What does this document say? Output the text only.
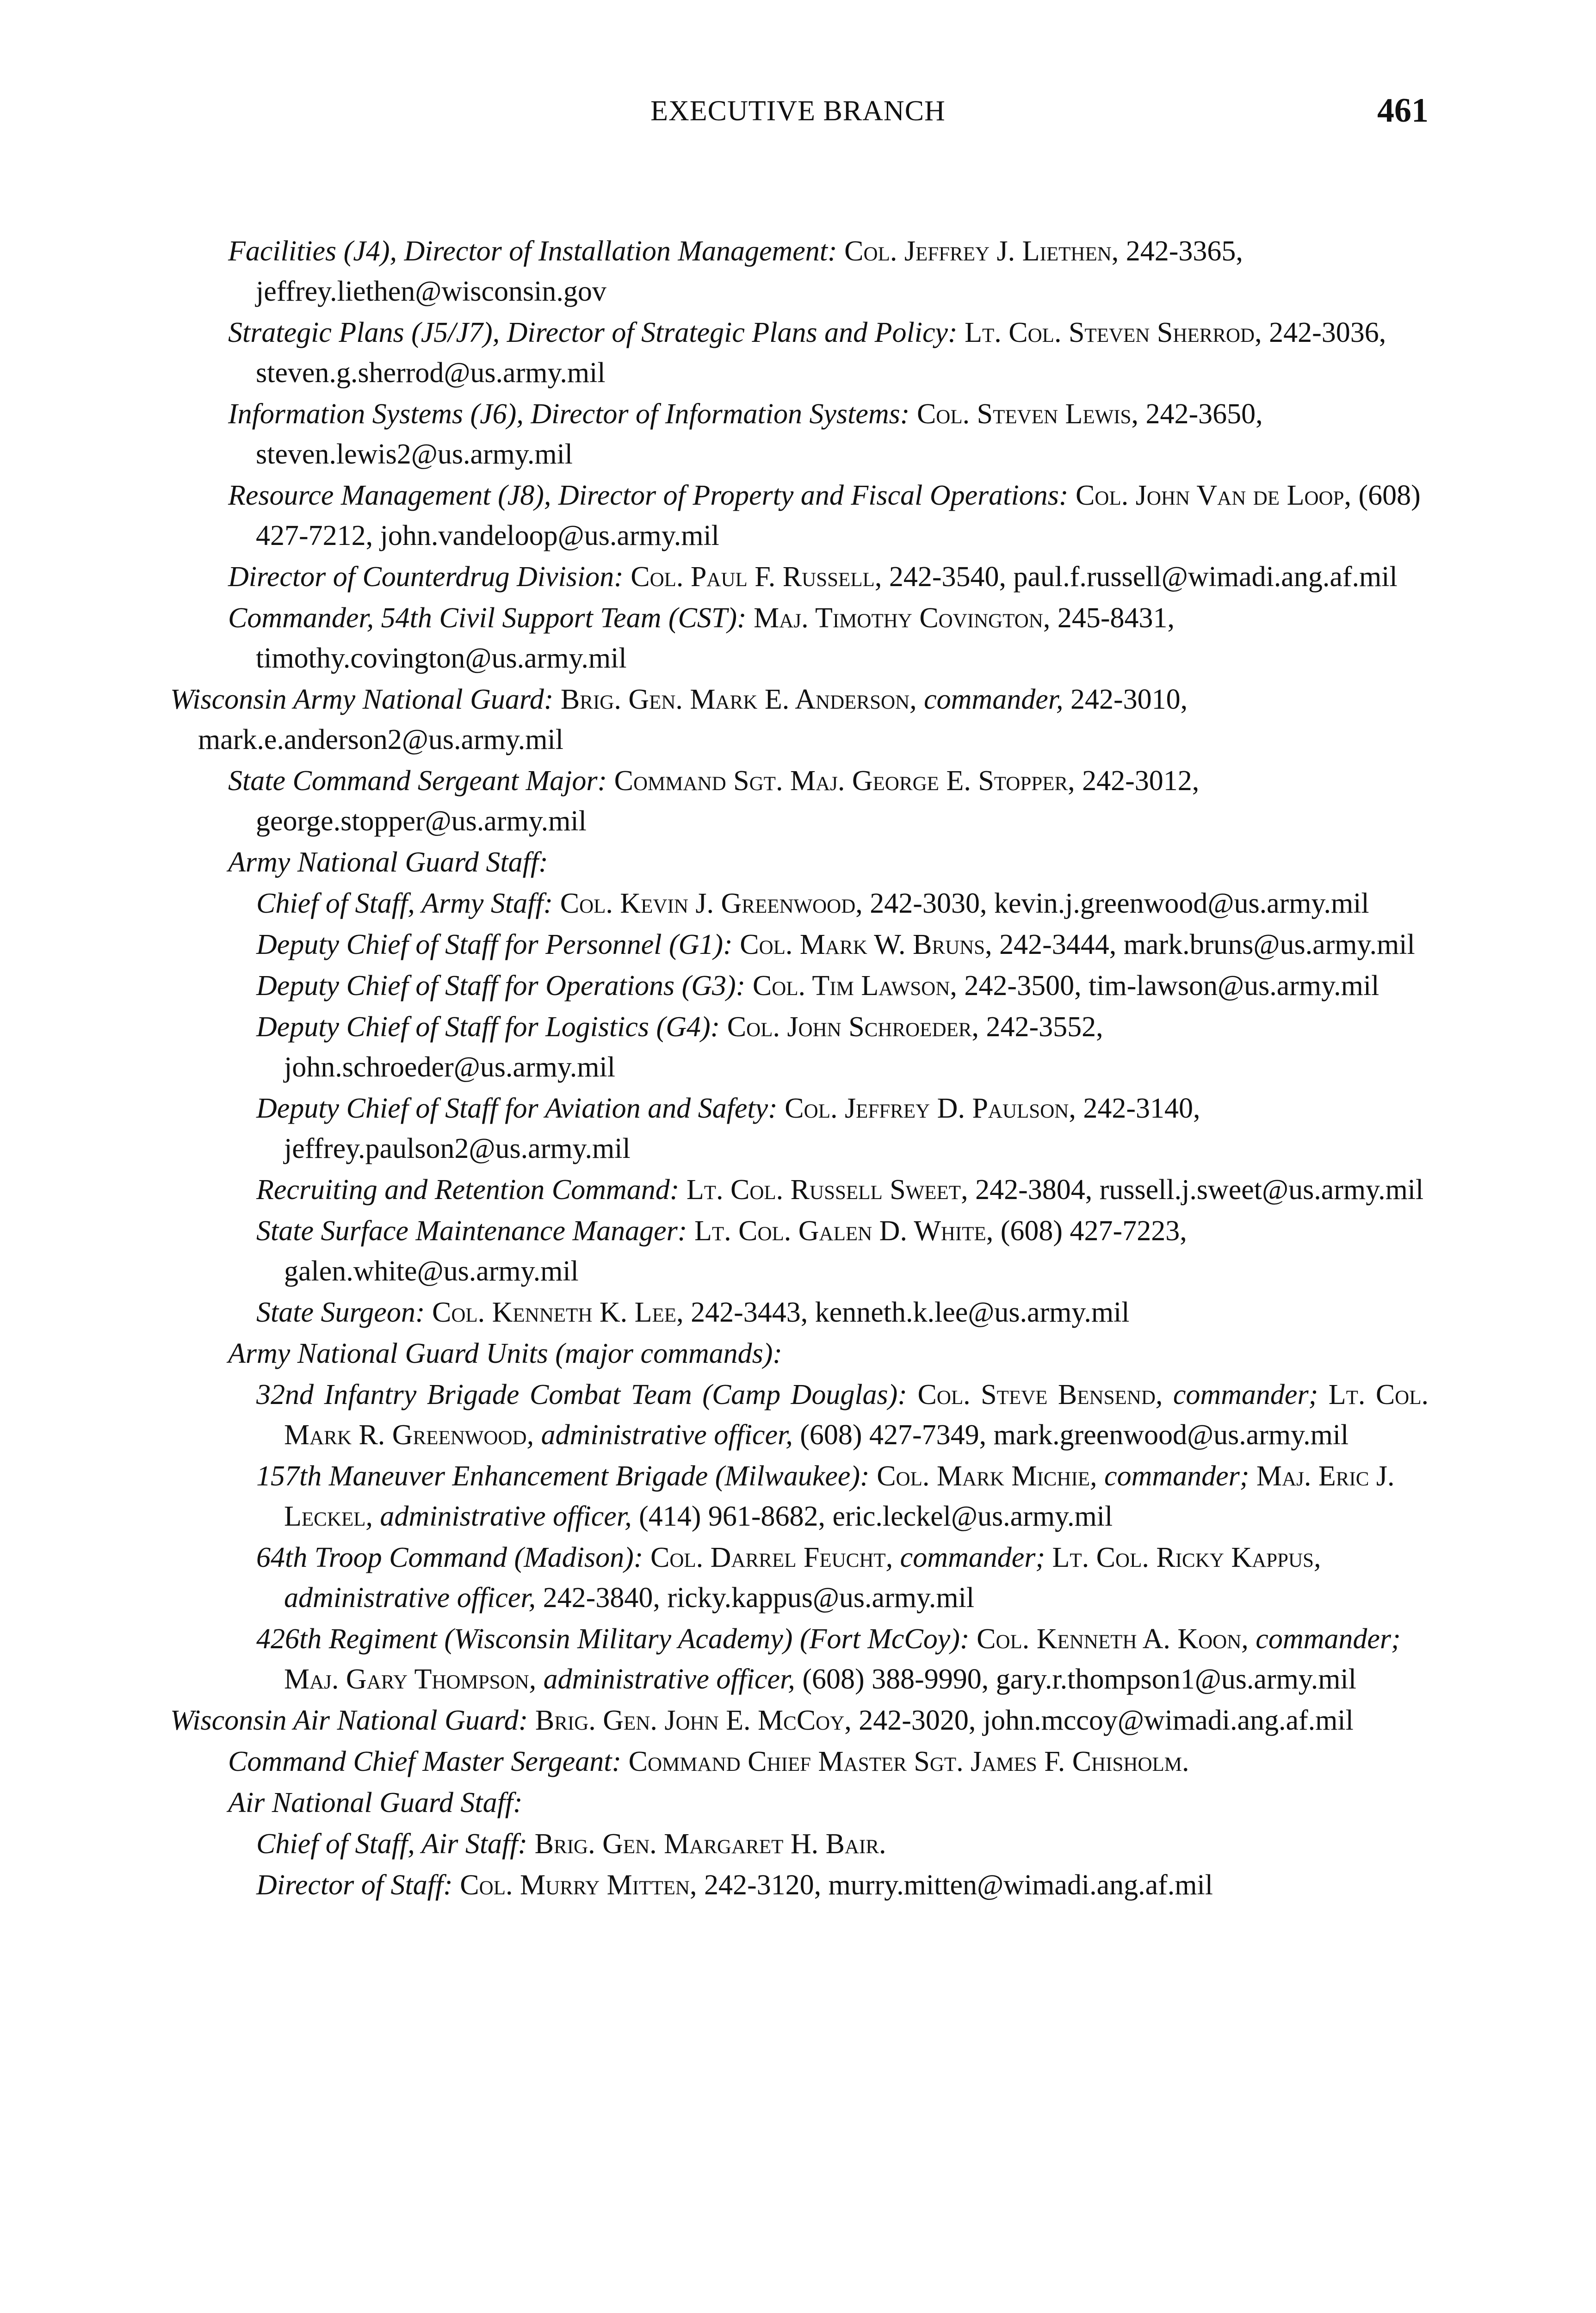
EXECUTIVE BRANCH	461

Facilities (J4), Director of Installation Management: Col. Jeffrey J. Liethen, 242-3365, jeffrey.liethen@wisconsin.gov

Strategic Plans (J5/J7), Director of Strategic Plans and Policy: Lt. Col. Steven Sherrod, 242-3036, steven.g.sherrod@us.army.mil

Information Systems (J6), Director of Information Systems: Col. Steven Lewis, 242-3650, steven.lewis2@us.army.mil

Resource Management (J8), Director of Property and Fiscal Operations: Col. John Van de Loop, (608) 427-7212, john.vandeloop@us.army.mil

Director of Counterdrug Division: Col. Paul F. Russell, 242-3540, paul.f.russell@wimadi.ang.af.mil

Commander, 54th Civil Support Team (CST): Maj. Timothy Covington, 245-8431, timothy.covington@us.army.mil

Wisconsin Army National Guard: Brig. Gen. Mark E. Anderson, commander, 242-3010, mark.e.anderson2@us.army.mil

State Command Sergeant Major: Command Sgt. Maj. George E. Stopper, 242-3012, george.stopper@us.army.mil

Army National Guard Staff:

Chief of Staff, Army Staff: Col. Kevin J. Greenwood, 242-3030, kevin.j.greenwood@us.army.mil

Deputy Chief of Staff for Personnel (G1): Col. Mark W. Bruns, 242-3444, mark.bruns@us.army.mil

Deputy Chief of Staff for Operations (G3): Col. Tim Lawson, 242-3500, tim-lawson@us.army.mil

Deputy Chief of Staff for Logistics (G4): Col. John Schroeder, 242-3552, john.schroeder@us.army.mil

Deputy Chief of Staff for Aviation and Safety: Col. Jeffrey D. Paulson, 242-3140, jeffrey.paulson2@us.army.mil

Recruiting and Retention Command: Lt. Col. Russell Sweet, 242-3804, russell.j.sweet@us.army.mil

State Surface Maintenance Manager: Lt. Col. Galen D. White, (608) 427-7223, galen.white@us.army.mil

State Surgeon: Col. Kenneth K. Lee, 242-3443, kenneth.k.lee@us.army.mil

Army National Guard Units (major commands):

32nd Infantry Brigade Combat Team (Camp Douglas): Col. Steve Bensend, commander; Lt. Col. Mark R. Greenwood, administrative officer, (608) 427-7349, mark.greenwood@us.army.mil

157th Maneuver Enhancement Brigade (Milwaukee): Col. Mark Michie, commander; Maj. Eric J. Leckel, administrative officer, (414) 961-8682, eric.leckel@us.army.mil

64th Troop Command (Madison): Col. Darrel Feucht, commander; Lt. Col. Ricky Kappus, administrative officer, 242-3840, ricky.kappus@us.army.mil

426th Regiment (Wisconsin Military Academy) (Fort McCoy): Col. Kenneth A. Koon, commander; Maj. Gary Thompson, administrative officer, (608) 388-9990, gary.r.thompson1@us.army.mil

Wisconsin Air National Guard: Brig. Gen. John E. McCoy, 242-3020, john.mccoy@wimadi.ang.af.mil

Command Chief Master Sergeant: Command Chief Master Sgt. James F. Chisholm.

Air National Guard Staff:

Chief of Staff, Air Staff: Brig. Gen. Margaret H. Bair.

Director of Staff: Col. Murry Mitten, 242-3120, murry.mitten@wimadi.ang.af.mil
